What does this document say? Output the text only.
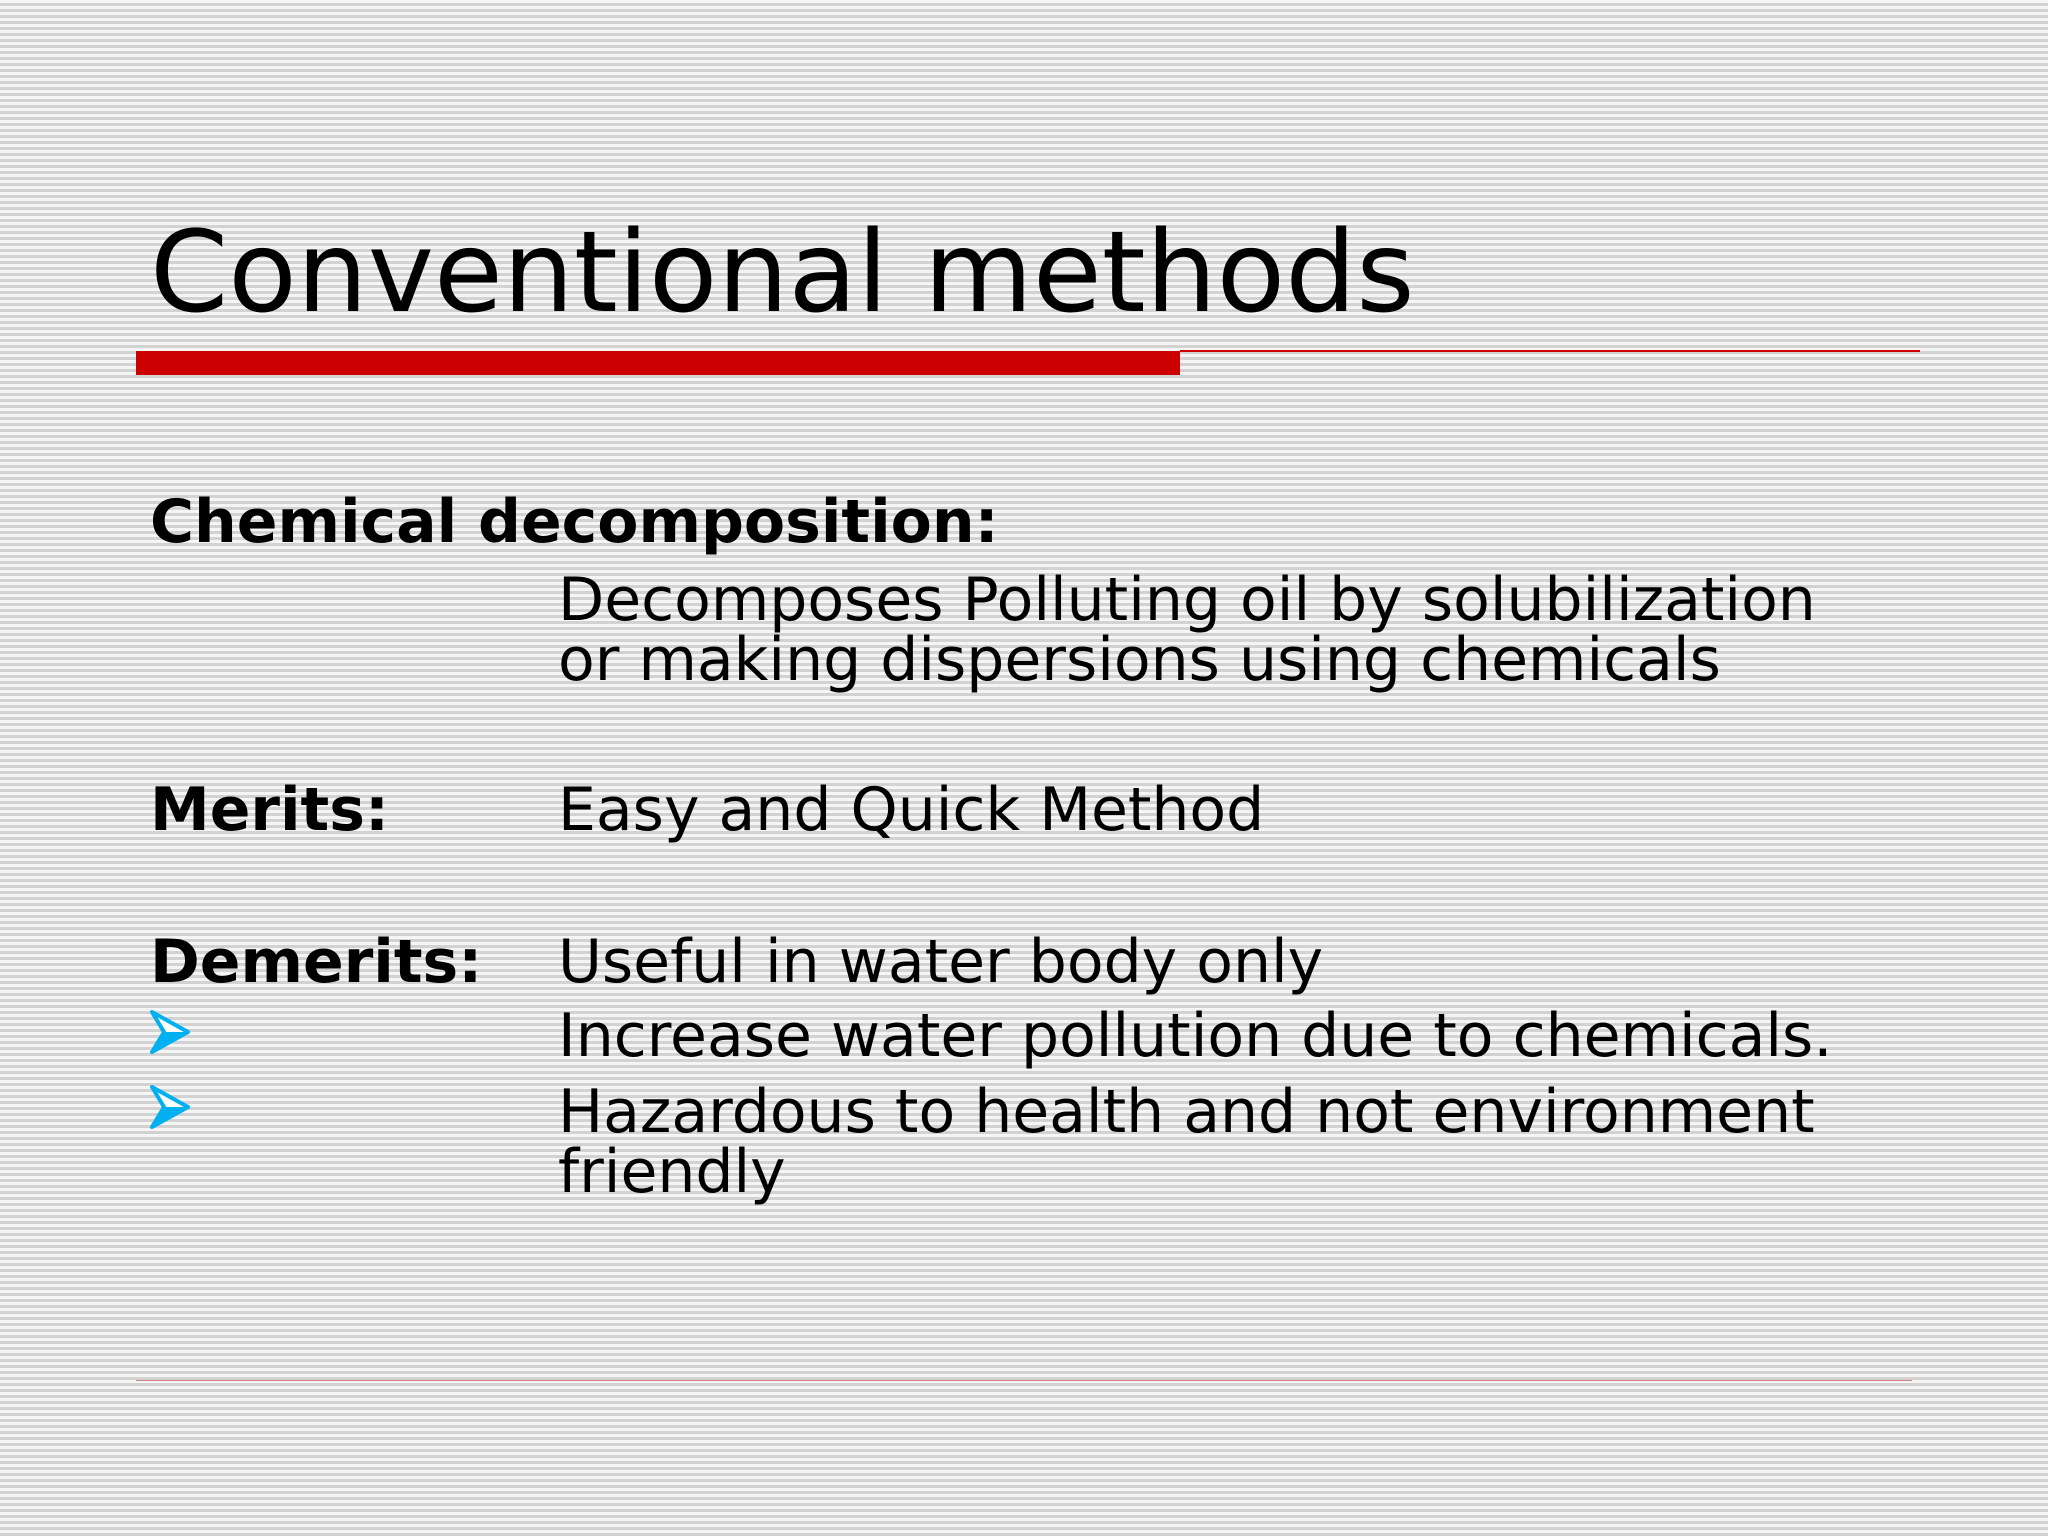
Conventional methods
Chemical decomposition:
Decomposes Polluting oil by solubilization
or making dispersions using chemicals
Merits:	Easy and Quick Method
Demerits: Useful in water body only
Increase water pollution due to chemicals.
Hazardous to health and not environment
friendly
